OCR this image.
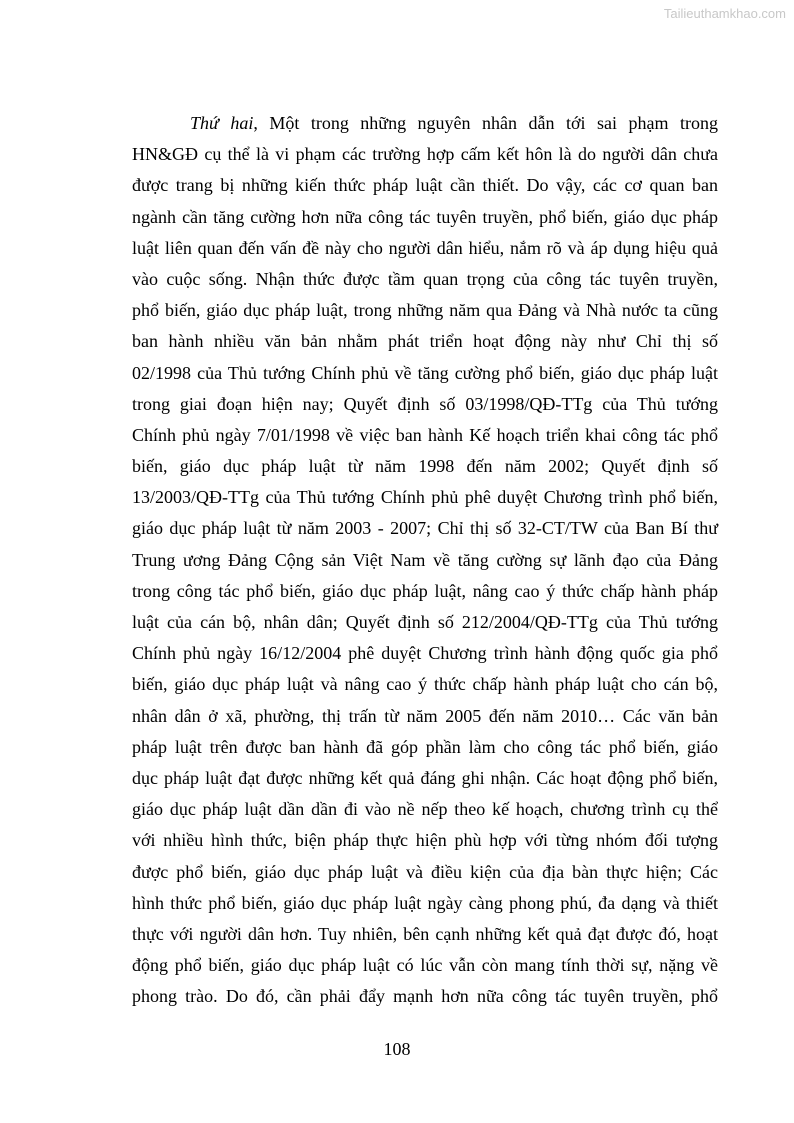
Tailieuthamkhao.com

Thứ hai, Một trong những nguyên nhân dẫn tới sai phạm trong
HN&GĐ cụ thể là vi phạm các trường hợp cấm kết hôn là do người dân chưa
được trang bị những kiến thức pháp luật cần thiết. Do vậy, các cơ quan ban
ngành cần tăng cường hơn nữa công tác tuyên truyền, phổ biến, giáo dục pháp
luật liên quan đến vấn đề này cho người dân hiểu, nắm rõ và áp dụng hiệu quả
vào cuộc sống. Nhận thức được tầm quan trọng của công tác tuyên truyền,
phổ biến, giáo dục pháp luật, trong những năm qua Đảng và Nhà nước ta cũng
ban hành nhiều văn bản nhằm phát triển hoạt động này như Chỉ thị số
02/1998 của Thủ tướng Chính phủ về tăng cường phổ biến, giáo dục pháp luật
trong giai đoạn hiện nay; Quyết định số 03/1998/QĐ-TTg của Thủ tướng
Chính phủ ngày 7/01/1998 về việc ban hành Kế hoạch triển khai công tác phổ
biến, giáo dục pháp luật từ năm 1998 đến năm 2002; Quyết định số
13/2003/QĐ-TTg của Thủ tướng Chính phủ phê duyệt Chương trình phổ biến,
giáo dục pháp luật từ năm 2003 - 2007; Chỉ thị số 32-CT/TW của Ban Bí thư
Trung ương Đảng Cộng sản Việt Nam về tăng cường sự lãnh đạo của Đảng
trong công tác phổ biến, giáo dục pháp luật, nâng cao ý thức chấp hành pháp
luật của cán bộ, nhân dân; Quyết định số 212/2004/QĐ-TTg của Thủ tướng
Chính phủ ngày 16/12/2004 phê duyệt Chương trình hành động quốc gia phổ
biến, giáo dục pháp luật và nâng cao ý thức chấp hành pháp luật cho cán bộ,
nhân dân ở xã, phường, thị trấn từ năm 2005 đến năm 2010… Các văn bản
pháp luật trên được ban hành đã góp phần làm cho công tác phổ biến, giáo
dục pháp luật đạt được những kết quả đáng ghi nhận. Các hoạt động phổ biến,
giáo dục pháp luật dần dần đi vào nề nếp theo kế hoạch, chương trình cụ thể
với nhiều hình thức, biện pháp thực hiện phù hợp với từng nhóm đối tượng
được phổ biến, giáo dục pháp luật và điều kiện của địa bàn thực hiện; Các
hình thức phổ biến, giáo dục pháp luật ngày càng phong phú, đa dạng và thiết
thực với người dân hơn. Tuy nhiên, bên cạnh những kết quả đạt được đó, hoạt
động phổ biến, giáo dục pháp luật có lúc vẫn còn mang tính thời sự, nặng về
phong trào. Do đó, cần phải đẩy mạnh hơn nữa công tác tuyên truyền, phổ

108
